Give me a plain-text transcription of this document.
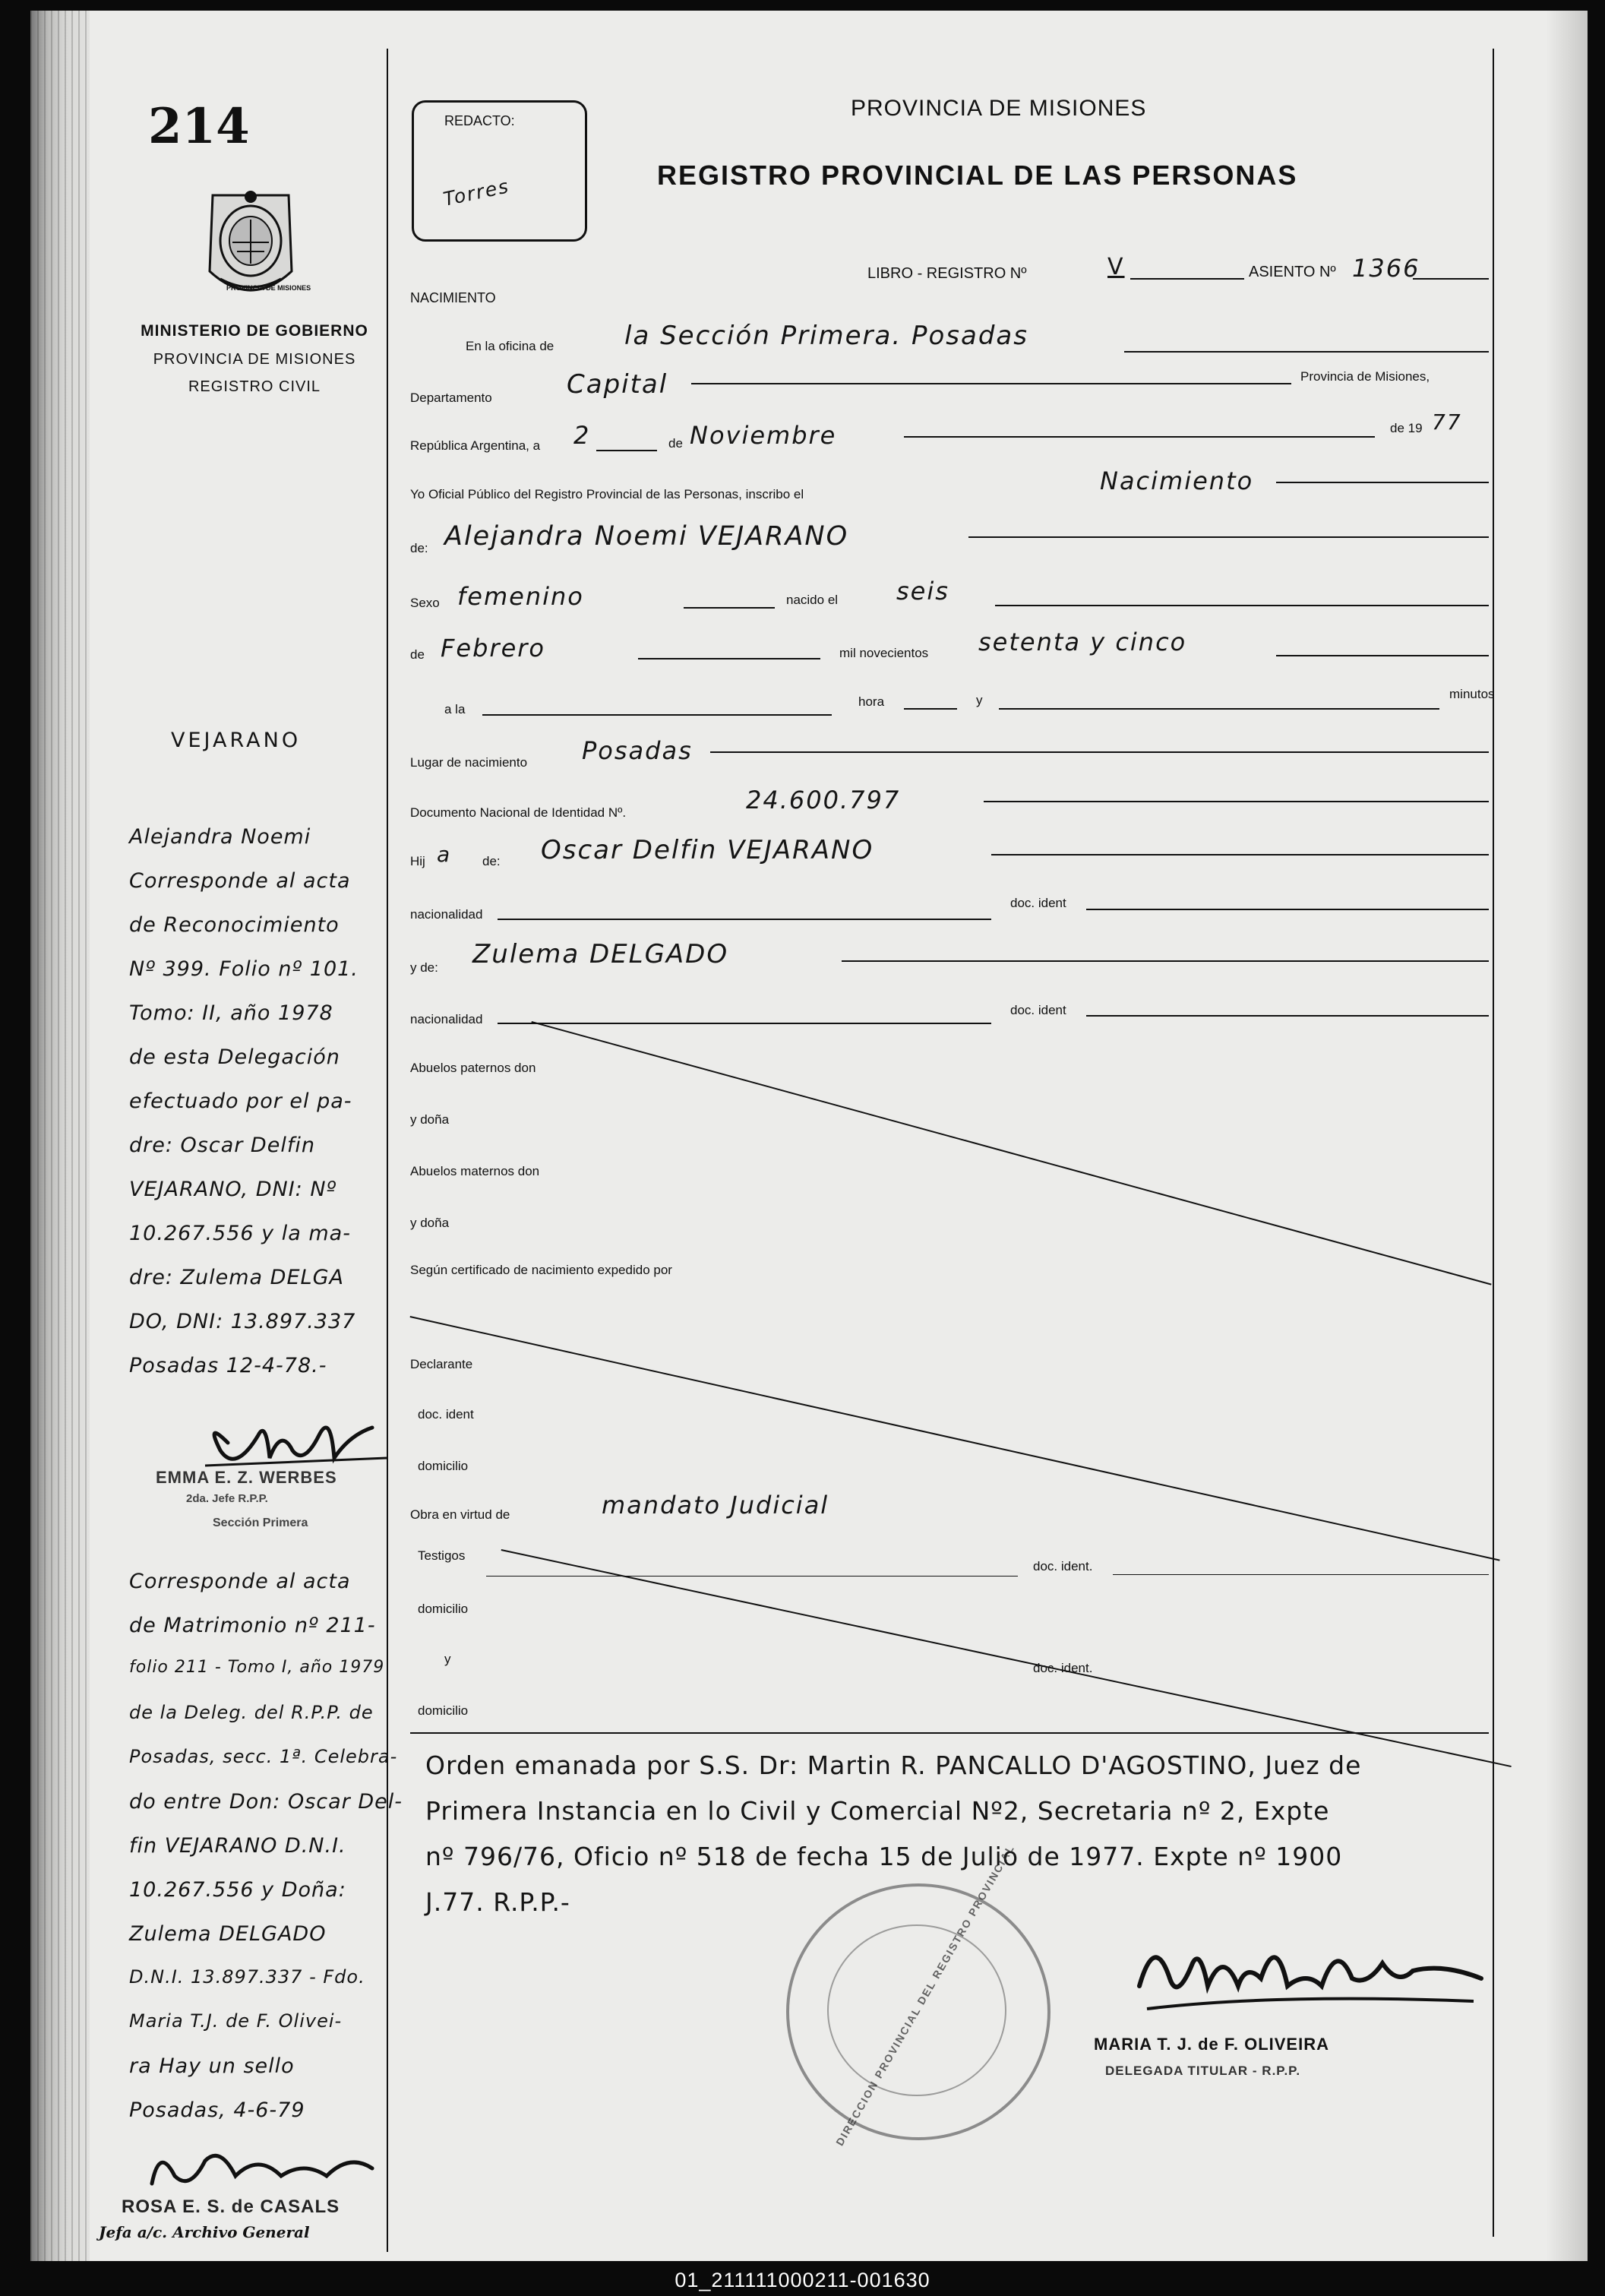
214
PROVINCIA DE MISIONES
MINISTERIO DE GOBIERNO
PROVINCIA DE MISIONES
REGISTRO CIVIL
REDACTO:
Torres
PROVINCIA DE MISIONES
REGISTRO PROVINCIAL DE LAS PERSONAS
NACIMIENTO
LIBRO - REGISTRO Nº	V	ASIENTO Nº 1366
En la oficina de	la Sección Primera. Posadas
Departamento	Capital	Provincia de Misiones,
República Argentina, a 2	de Noviembre	de 19 77
Yo Oficial Público del Registro Provincial de las Personas, inscribo el	Nacimiento
de: Alejandra Noemi VEJARANO
Sexo femenino	nacido el seis
de Febrero	mil novecientos setenta y cinco
a la
hora	y	minutos
Lugar de nacimiento Posadas
Documento Nacional de Identidad Nº.	24.600.797
Hij a de: Oscar Delfin VEJARANO
nacionalidad
doc. ident
y de: Zulema DELGADO
nacionalidad
doc. ident
Abuelos paternos don
y doña
Abuelos maternos don
y doña
Según certificado de nacimiento expedido por
Declarante
doc. ident
domicilio
Obra en virtud de	mandato Judicial
Testigos
doc. ident.
domicilio
y
doc. ident.
domicilio
Orden emanada por S.S. Dr: Martin R. PANCALLO D'AGOSTINO, Juez de
Primera Instancia en lo Civil y Comercial Nº2, Secretaria nº 2, Expte
nº 796/76, Oficio nº 518 de fecha 15 de Julio de 1977. Expte nº 1900
J.77. R.P.P.-	DIRECCION PROVINCIAL DEL REGISTRO PROVINCIAL	MARIA T. J. de F. OLIVEIRA
DELEGADA TITULAR - R.P.P.
VEJARANO
Alejandra Noemi
Corresponde al acta
de Reconocimiento
Nº 399. Folio nº 101.
Tomo: II, año 1978
de esta Delegación
efectuado por el pa-
dre: Oscar Delfin
VEJARANO, DNI: Nº
10.267.556 y la ma-
dre: Zulema DELGA
DO, DNI: 13.897.337
Posadas 12-4-78.-
EMMA E. Z. WERBES
2da. Jefe R.P.P.
Sección Primera
Corresponde al acta
de Matrimonio nº 211-
folio 211 - Tomo I, año 1979
de la Deleg. del R.P.P. de
Posadas, secc. 1ª. Celebra-
do entre Don: Oscar Del-
fin VEJARANO D.N.I.
10.267.556 y Doña:
Zulema DELGADO
D.N.I. 13.897.337 - Fdo.
Maria T.J. de F. Olivei-
ra Hay un sello
Posadas, 4-6-79
ROSA E. S. de CASALS
Jefa a/c. Archivo General
01_211111000211-001630
